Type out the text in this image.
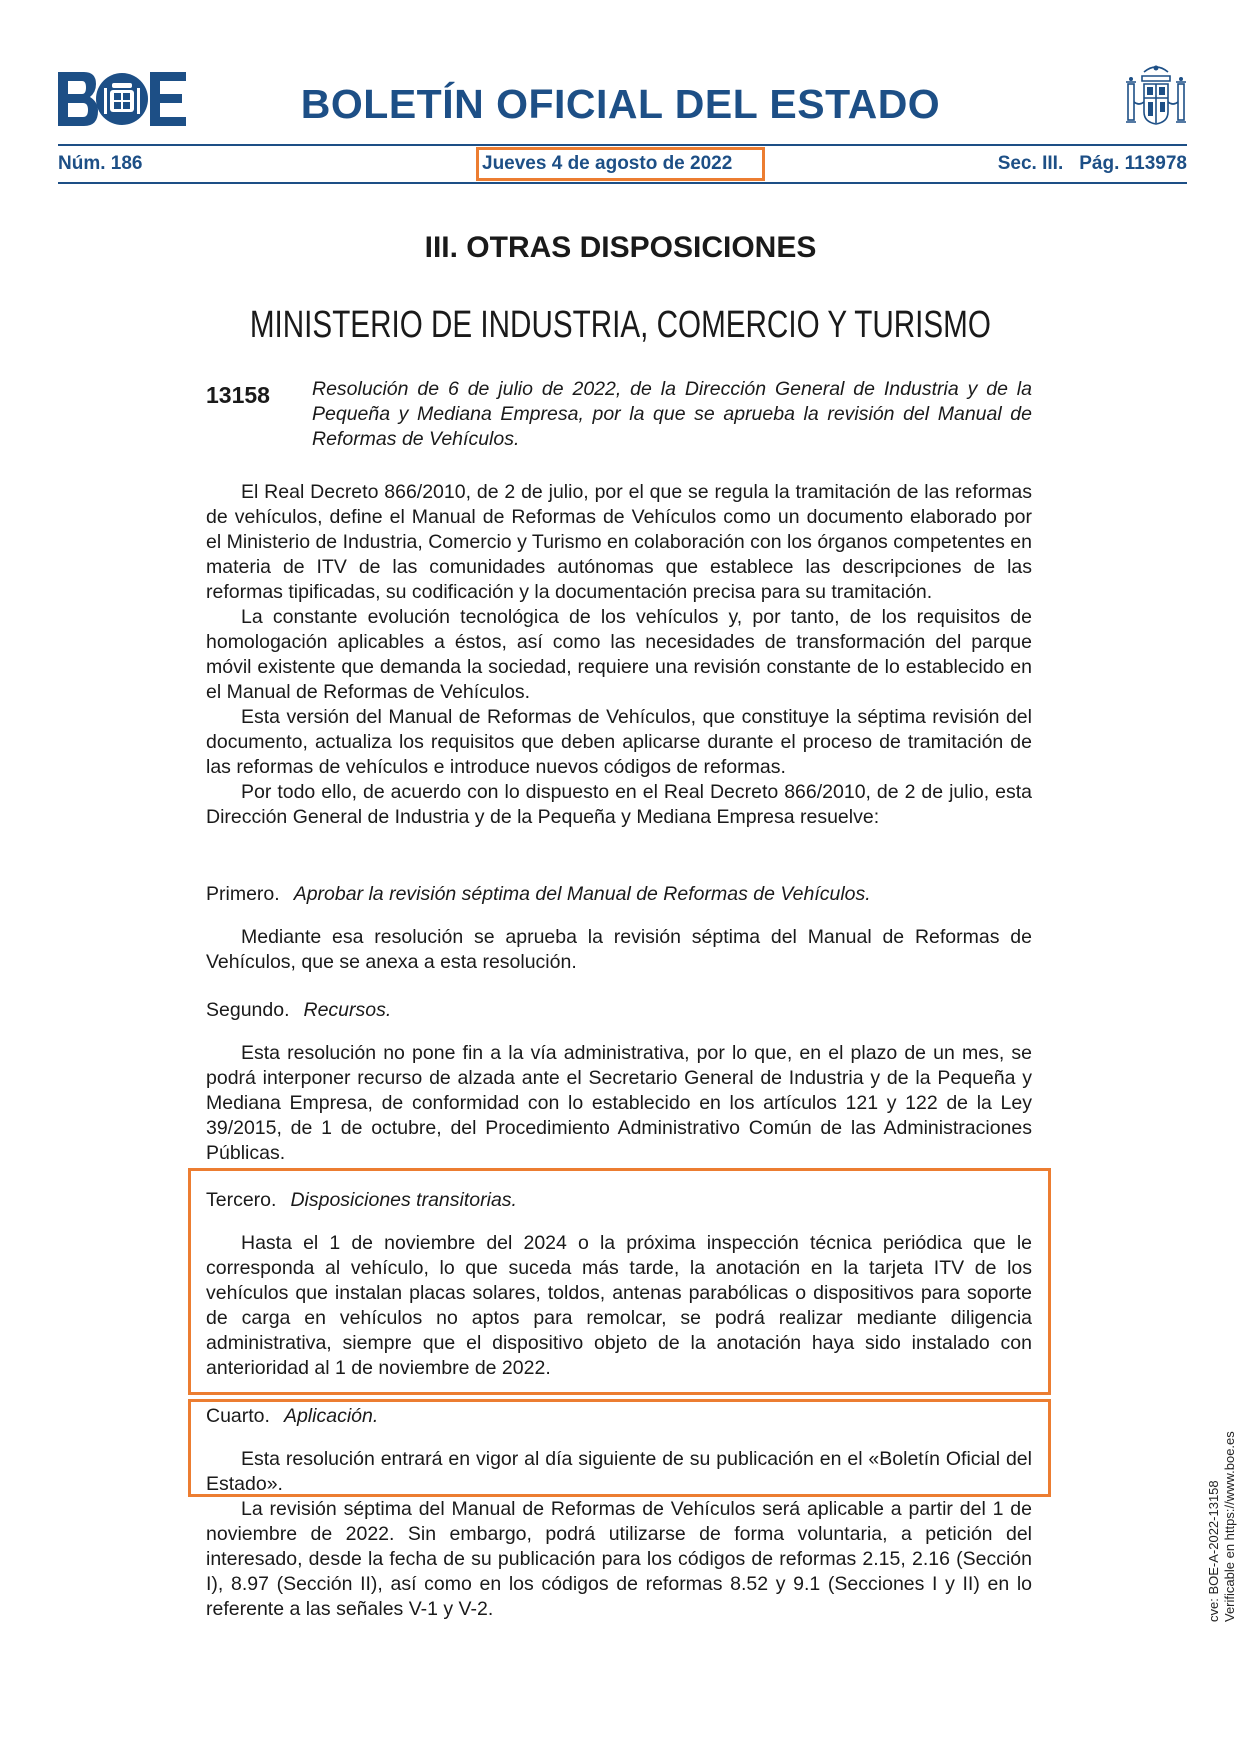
BOLETÍN OFICIAL DEL ESTADO
Núm. 186	Jueves 4 de agosto de 2022	Sec. III. Pág. 113978
III. OTRAS DISPOSICIONES
MINISTERIO DE INDUSTRIA, COMERCIO Y TURISMO
13158 Resolución de 6 de julio de 2022, de la Dirección General de Industria y de la Pequeña y Mediana Empresa, por la que se aprueba la revisión del Manual de Reformas de Vehículos.

El Real Decreto 866/2010, de 2 de julio, por el que se regula la tramitación de las reformas de vehículos, define el Manual de Reformas de Vehículos como un documento elaborado por el Ministerio de Industria, Comercio y Turismo en colaboración con los órganos competentes en materia de ITV de las comunidades autónomas que establece las descripciones de las reformas tipificadas, su codificación y la documentación precisa para su tramitación.

La constante evolución tecnológica de los vehículos y, por tanto, de los requisitos de homologación aplicables a éstos, así como las necesidades de transformación del parque móvil existente que demanda la sociedad, requiere una revisión constante de lo establecido en el Manual de Reformas de Vehículos.

Esta versión del Manual de Reformas de Vehículos, que constituye la séptima revisión del documento, actualiza los requisitos que deben aplicarse durante el proceso de tramitación de las reformas de vehículos e introduce nuevos códigos de reformas.

Por todo ello, de acuerdo con lo dispuesto en el Real Decreto 866/2010, de 2 de julio, esta Dirección General de Industria y de la Pequeña y Mediana Empresa resuelve:

Primero. Aprobar la revisión séptima del Manual de Reformas de Vehículos.

Mediante esa resolución se aprueba la revisión séptima del Manual de Reformas de Vehículos, que se anexa a esta resolución.

Segundo. Recursos.

Esta resolución no pone fin a la vía administrativa, por lo que, en el plazo de un mes, se podrá interponer recurso de alzada ante el Secretario General de Industria y de la Pequeña y Mediana Empresa, de conformidad con lo establecido en los artículos 121 y 122 de la Ley 39/2015, de 1 de octubre, del Procedimiento Administrativo Común de las Administraciones Públicas.

Tercero. Disposiciones transitorias.

Hasta el 1 de noviembre del 2024 o la próxima inspección técnica periódica que le corresponda al vehículo, lo que suceda más tarde, la anotación en la tarjeta ITV de los vehículos que instalan placas solares, toldos, antenas parabólicas o dispositivos para soporte de carga en vehículos no aptos para remolcar, se podrá realizar mediante diligencia administrativa, siempre que el dispositivo objeto de la anotación haya sido instalado con anterioridad al 1 de noviembre de 2022.

Cuarto. Aplicación.

Esta resolución entrará en vigor al día siguiente de su publicación en el «Boletín Oficial del Estado».

La revisión séptima del Manual de Reformas de Vehículos será aplicable a partir del 1 de noviembre de 2022. Sin embargo, podrá utilizarse de forma voluntaria, a petición del interesado, desde la fecha de su publicación para los códigos de reformas 2.15, 2.16 (Sección I), 8.97 (Sección II), así como en los códigos de reformas 8.52 y 9.1 (Secciones I y II) en lo referente a las señales V-1 y V-2.	cve: BOE-A-2022-13158 Verificable en https://www.boe.es
